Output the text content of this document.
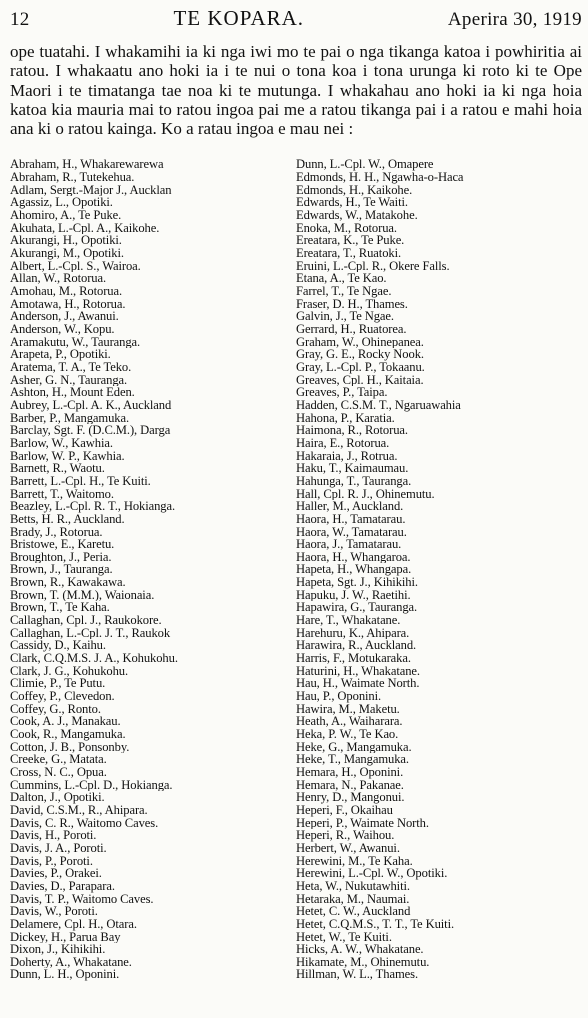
12	TE KOPARA.	Aperira 30, 1919

ope tuatahi. I whakamihi ia ki nga iwi mo te pai o nga tikanga katoa i powhiritia ai ratou. I whakaatu ano hoki ia i te nui o tona koa i tona urunga ki roto ki te Ope Maori i te timatanga tae noa ki te mutunga. I whakahau ano hoki ia ki nga hoia katoa kia mauria mai to ratou ingoa pai me a ratou tikanga pai i a ratou e mahi hoia ana ki o ratou kainga. Ko a ratau ingoa e mau nei :

Abraham, H., Whakarewarewa
Abraham, R., Tutekehua.
Adlam, Sergt.-Major J., Aucklan
Agassiz, L., Opotiki.
Ahomiro, A., Te Puke.
Akuhata, L.-Cpl. A., Kaikohe.
Akurangi, H., Opotiki.
Akurangi, M., Opotiki.
Albert, L.-Cpl. S., Wairoa.
Allan, W., Rotorua.
Amohau, M., Rotorua.
Amotawa, H., Rotorua.
Anderson, J., Awanui.
Anderson, W., Kopu.
Aramakutu, W., Tauranga.
Arapeta, P., Opotiki.
Aratema, T. A., Te Teko.
Asher, G. N., Tauranga.
Ashton, H., Mount Eden.
Aubrey, L.-Cpl. A. K., Auckland
Barber, P., Mangamuka.
Barclay, Sgt. F. (D.C.M.), Darga
Barlow, W., Kawhia.
Barlow, W. P., Kawhia.
Barnett, R., Waotu.
Barrett, L.-Cpl. H., Te Kuiti.
Barrett, T., Waitomo.
Beazley, L.-Cpl. R. T., Hokianga.
Betts, H. R., Auckland.
Brady, J., Rotorua.
Bristowe, E., Karetu.
Broughton, J., Peria.
Brown, J., Tauranga.
Brown, R., Kawakawa.
Brown, T. (M.M.), Waionaia.
Brown, T., Te Kaha.
Callaghan, Cpl. J., Raukokore.
Callaghan, L.-Cpl. J. T., Raukok
Cassidy, D., Kaihu.
Clark, C.Q.M.S. J. A., Kohukohu.
Clark, J. G., Kohukohu.
Climie, P., Te Putu.
Coffey, P., Clevedon.
Coffey, G., Ronto.
Cook, A. J., Manakau.
Cook, R., Mangamuka.
Cotton, J. B., Ponsonby.
Creeke, G., Matata.
Cross, N. C., Opua.
Cummins, L.-Cpl. D., Hokianga.
Dalton, J., Opotiki.
David, C.S.M., R., Ahipara.
Davis, C. R., Waitomo Caves.
Davis, H., Poroti.
Davis, J. A., Poroti.
Davis, P., Poroti.
Davies, P., Orakei.
Davies, D., Parapara.
Davis, T. P., Waitomo Caves.
Davis, W., Poroti.
Delamere, Cpl. H., Otara.
Dickey, H., Parua Bay
Dixon, J., Kihikihi.
Doherty, A., Whakatane.
Dunn, L. H., Oponini.
Dunn, L.-Cpl. W., Omapere
Edmonds, H. H., Ngawha-o-Haca
Edmonds, H., Kaikohe.
Edwards, H., Te Waiti.
Edwards, W., Matakohe.
Enoka, M., Rotorua.
Ereatara, K., Te Puke.
Ereatara, T., Ruatoki.
Eruini, L.-Cpl. R., Okere Falls.
Etana, A., Te Kao.
Farrel, T., Te Ngae.
Fraser, D. H., Thames.
Galvin, J., Te Ngae.
Gerrard, H., Ruatorea.
Graham, W., Ohinepanea.
Gray, G. E., Rocky Nook.
Gray, L.-Cpl. P., Tokaanu.
Greaves, Cpl. H., Kaitaia.
Greaves, P., Taipa.
Hadden, C.S.M. T., Ngaruawahia
Hahona, P., Karatia.
Haimona, R., Rotorua.
Haira, E., Rotorua.
Hakaraia, J., Rotrua.
Haku, T., Kaimaumau.
Hahunga, T., Tauranga.
Hall, Cpl. R. J., Ohinemutu.
Haller, M., Auckland.
Haora, H., Tamatarau.
Haora, W., Tamatarau.
Haora, J., Tamatarau.
Haora, H., Whangaroa.
Hapeta, H., Whangapa.
Hapeta, Sgt. J., Kihikihi.
Hapuku, J. W., Raetihi.
Hapawira, G., Tauranga.
Hare, T., Whakatane.
Harehuru, K., Ahipara.
Harawira, R., Auckland.
Harris, F., Motukaraka.
Haturini, H., Whakatane.
Hau, H., Waimate North.
Hau, P., Oponini.
Hawira, M., Maketu.
Heath, A., Waiharara.
Heka, P. W., Te Kao.
Heke, G., Mangamuka.
Heke, T., Mangamuka.
Hemara, H., Oponini.
Hemara, N., Pakanae.
Henry, D., Mangonui.
Heperi, F., Okaihau
Heperi, P., Waimate North.
Heperi, R., Waihou.
Herbert, W., Awanui.
Herewini, M., Te Kaha.
Herewini, L.-Cpl. W., Opotiki.
Heta, W., Nukutawhiti.
Hetaraka, M., Naumai.
Hetet, C. W., Auckland
Hetet, C.Q.M.S., T. T., Te Kuiti.
Hetet, W., Te Kuiti.
Hicks, A. W., Whakatane.
Hikamate, M., Ohinemutu.
Hillman, W. L., Thames.
